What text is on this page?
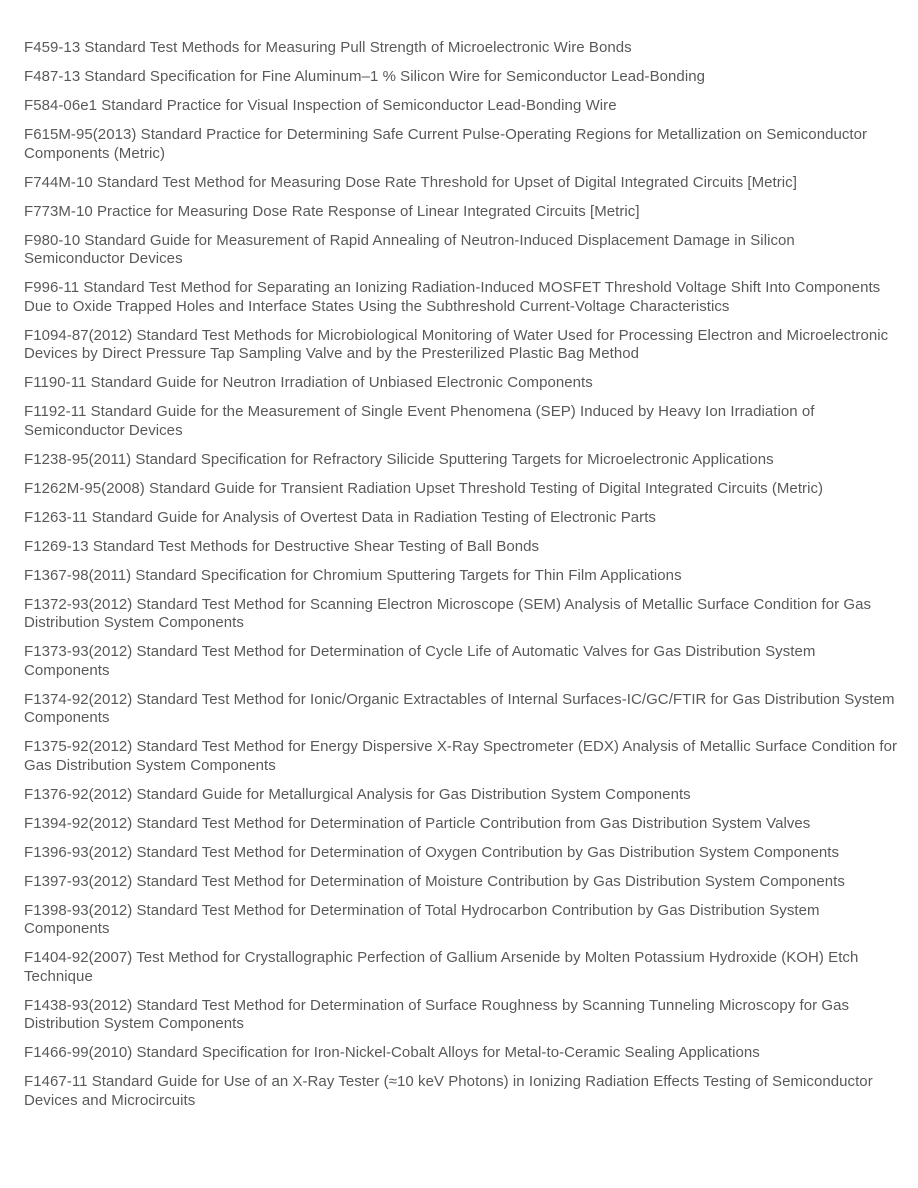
F459-13 Standard Test Methods for Measuring Pull Strength of Microelectronic Wire Bonds
F487-13 Standard Specification for Fine Aluminum–1 % Silicon Wire for Semiconductor Lead-Bonding
F584-06e1 Standard Practice for Visual Inspection of Semiconductor Lead-Bonding Wire
F615M-95(2013) Standard Practice for Determining Safe Current Pulse-Operating Regions for Metallization on Semiconductor Components (Metric)
F744M-10 Standard Test Method for Measuring Dose Rate Threshold for Upset of Digital Integrated Circuits [Metric]
F773M-10 Practice for Measuring Dose Rate Response of Linear Integrated Circuits [Metric]
F980-10 Standard Guide for Measurement of Rapid Annealing of Neutron-Induced Displacement Damage in Silicon Semiconductor Devices
F996-11 Standard Test Method for Separating an Ionizing Radiation-Induced MOSFET Threshold Voltage Shift Into Components Due to Oxide Trapped Holes and Interface States Using the Subthreshold Current-Voltage Characteristics
F1094-87(2012) Standard Test Methods for Microbiological Monitoring of Water Used for Processing Electron and Microelectronic Devices by Direct Pressure Tap Sampling Valve and by the Presterilized Plastic Bag Method
F1190-11 Standard Guide for Neutron Irradiation of Unbiased Electronic Components
F1192-11 Standard Guide for the Measurement of Single Event Phenomena (SEP) Induced by Heavy Ion Irradiation of Semiconductor Devices
F1238-95(2011) Standard Specification for Refractory Silicide Sputtering Targets for Microelectronic Applications
F1262M-95(2008) Standard Guide for Transient Radiation Upset Threshold Testing of Digital Integrated Circuits (Metric)
F1263-11 Standard Guide for Analysis of Overtest Data in Radiation Testing of Electronic Parts
F1269-13 Standard Test Methods for Destructive Shear Testing of Ball Bonds
F1367-98(2011) Standard Specification for Chromium Sputtering Targets for Thin Film Applications
F1372-93(2012) Standard Test Method for Scanning Electron Microscope (SEM) Analysis of Metallic Surface Condition for Gas Distribution System Components
F1373-93(2012) Standard Test Method for Determination of Cycle Life of Automatic Valves for Gas Distribution System Components
F1374-92(2012) Standard Test Method for Ionic/Organic Extractables of Internal Surfaces-IC/GC/FTIR for Gas Distribution System Components
F1375-92(2012) Standard Test Method for Energy Dispersive X-Ray Spectrometer (EDX) Analysis of Metallic Surface Condition for Gas Distribution System Components
F1376-92(2012) Standard Guide for Metallurgical Analysis for Gas Distribution System Components
F1394-92(2012) Standard Test Method for Determination of Particle Contribution from Gas Distribution System Valves
F1396-93(2012) Standard Test Method for Determination of Oxygen Contribution by Gas Distribution System Components
F1397-93(2012) Standard Test Method for Determination of Moisture Contribution by Gas Distribution System Components
F1398-93(2012) Standard Test Method for Determination of Total Hydrocarbon Contribution by Gas Distribution System Components
F1404-92(2007) Test Method for Crystallographic Perfection of Gallium Arsenide by Molten Potassium Hydroxide (KOH) Etch Technique
F1438-93(2012) Standard Test Method for Determination of Surface Roughness by Scanning Tunneling Microscopy for Gas Distribution System Components
F1466-99(2010) Standard Specification for Iron-Nickel-Cobalt Alloys for Metal-to-Ceramic Sealing Applications
F1467-11 Standard Guide for Use of an X-Ray Tester (≈10 keV Photons) in Ionizing Radiation Effects Testing of Semiconductor Devices and Microcircuits
